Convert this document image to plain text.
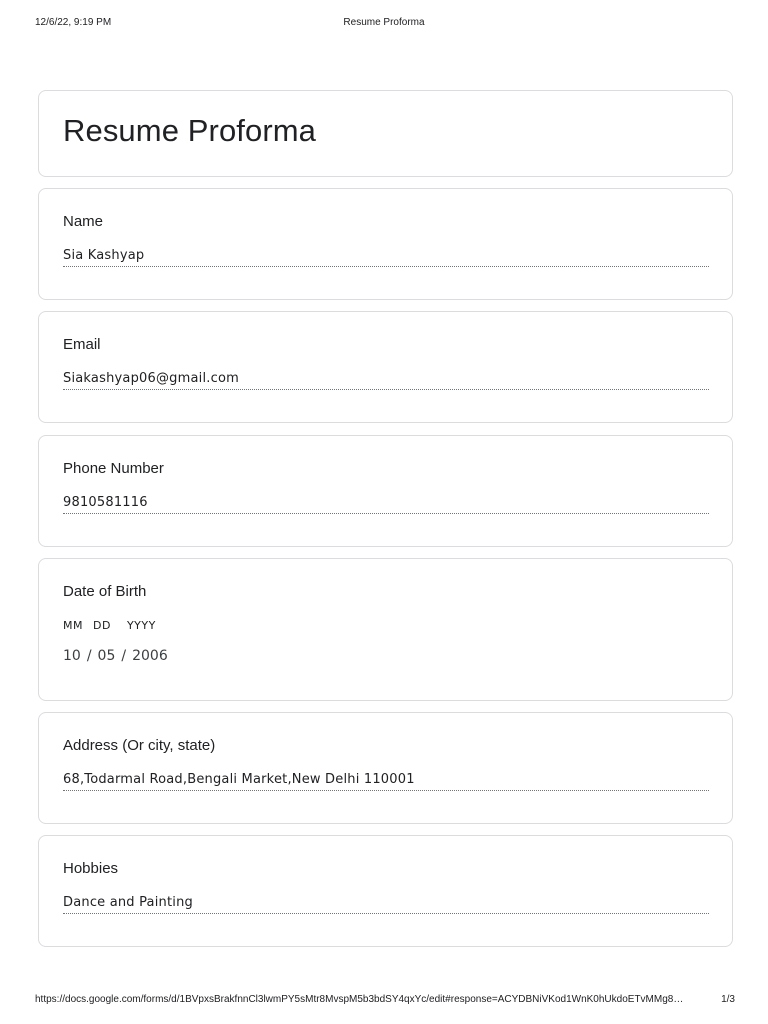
12/6/22, 9:19 PM	Resume Proforma
Resume Proforma
Name
Sia Kashyap
Email
Siakashyap06@gmail.com
Phone Number
9810581116
Date of Birth
MM DD YYYY
10 / 05 / 2006
Address (Or city, state)
68,Todarmal Road,Bengali Market,New Delhi 110001
Hobbies
Dance and Painting
https://docs.google.com/forms/d/1BVpxsBrakfnnCl3lwmPY5sMtr8MvspM5b3bdSY4qxYc/edit#response=ACYDBNiVKod1WnK0hUkdoETvMMg8…	1/3
